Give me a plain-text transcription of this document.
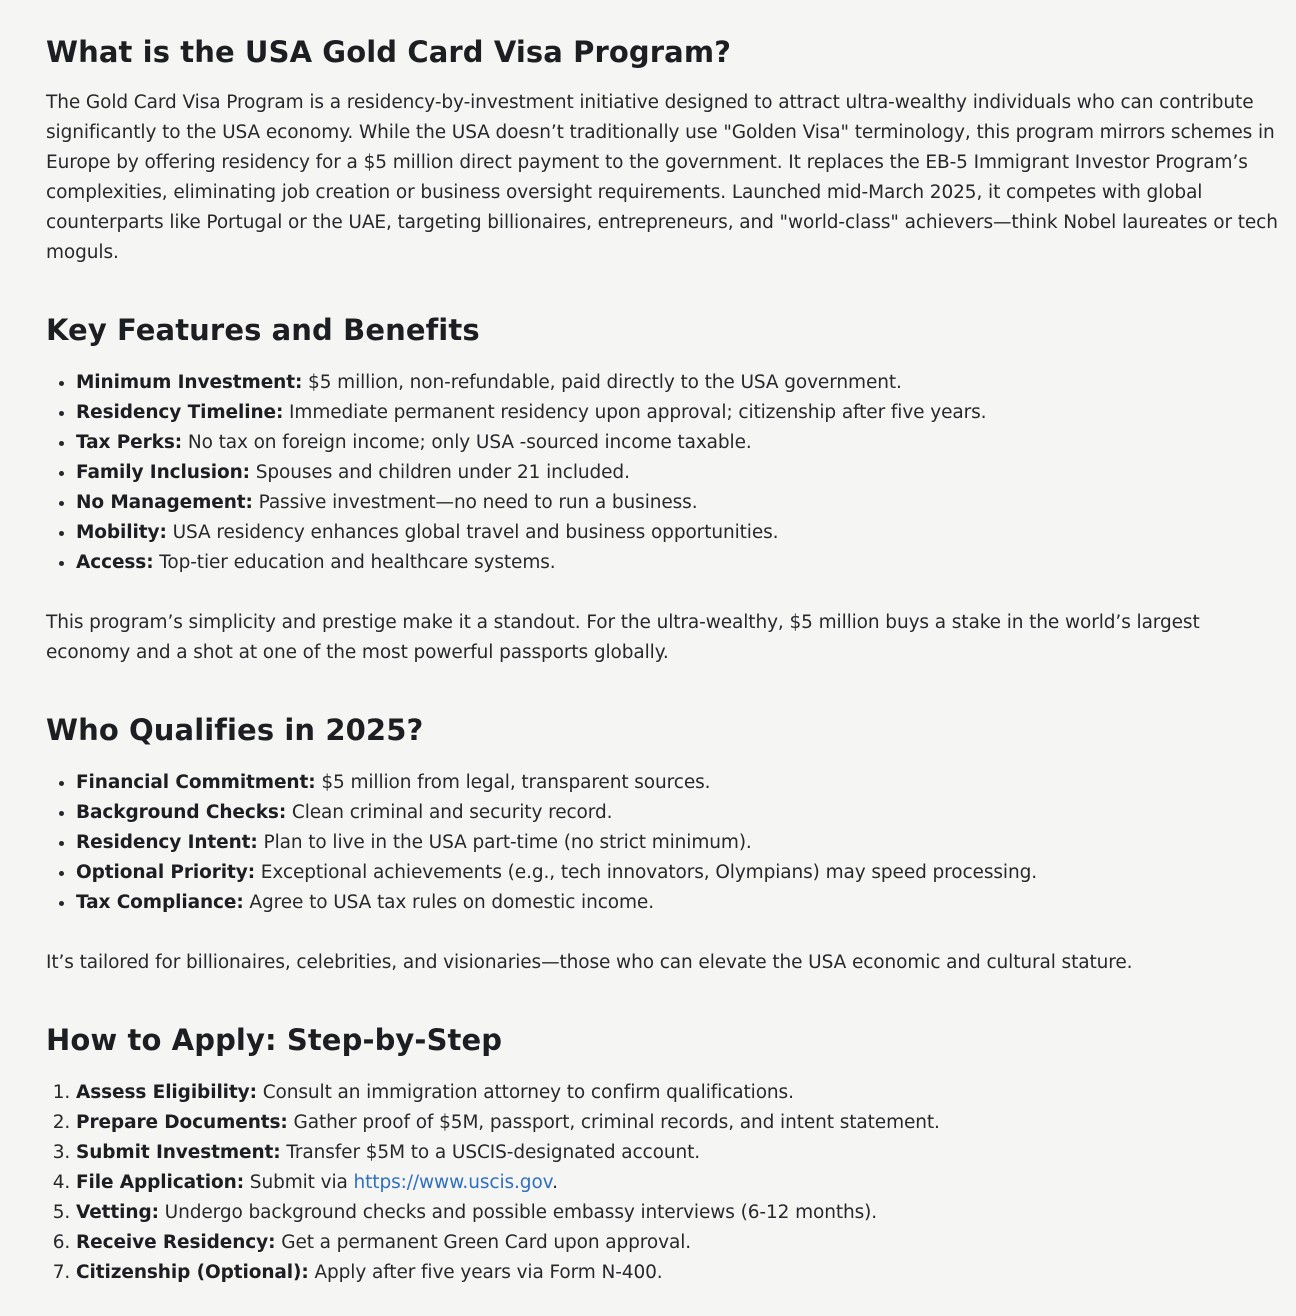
What is the USA Gold Card Visa Program?

The Gold Card Visa Program is a residency-by-investment initiative designed to attract ultra-wealthy individuals who can contribute significantly to the USA economy. While the USA doesn’t traditionally use "Golden Visa" terminology, this program mirrors schemes in Europe by offering residency for a $5 million direct payment to the government. It replaces the EB-5 Immigrant Investor Program’s complexities, eliminating job creation or business oversight requirements. Launched mid-March 2025, it competes with global counterparts like Portugal or the UAE, targeting billionaires, entrepreneurs, and "world-class" achievers—think Nobel laureates or tech moguls.

Key Features and Benefits
• Minimum Investment: $5 million, non-refundable, paid directly to the USA government.
• Residency Timeline: Immediate permanent residency upon approval; citizenship after five years.
• Tax Perks: No tax on foreign income; only USA -sourced income taxable.
• Family Inclusion: Spouses and children under 21 included.
• No Management: Passive investment—no need to run a business.
• Mobility: USA residency enhances global travel and business opportunities.
• Access: Top-tier education and healthcare systems.

This program’s simplicity and prestige make it a standout. For the ultra-wealthy, $5 million buys a stake in the world’s largest economy and a shot at one of the most powerful passports globally.

Who Qualifies in 2025?
• Financial Commitment: $5 million from legal, transparent sources.
• Background Checks: Clean criminal and security record.
• Residency Intent: Plan to live in the USA part-time (no strict minimum).
• Optional Priority: Exceptional achievements (e.g., tech innovators, Olympians) may speed processing.
• Tax Compliance: Agree to USA tax rules on domestic income.

It’s tailored for billionaires, celebrities, and visionaries—those who can elevate the USA economic and cultural stature.

How to Apply: Step-by-Step
1. Assess Eligibility: Consult an immigration attorney to confirm qualifications.
2. Prepare Documents: Gather proof of $5M, passport, criminal records, and intent statement.
3. Submit Investment: Transfer $5M to a USCIS-designated account.
4. File Application: Submit via https://www.uscis.gov.
5. Vetting: Undergo background checks and possible embassy interviews (6-12 months).
6. Receive Residency: Get a permanent Green Card upon approval.
7. Citizenship (Optional): Apply after five years via Form N-400.
